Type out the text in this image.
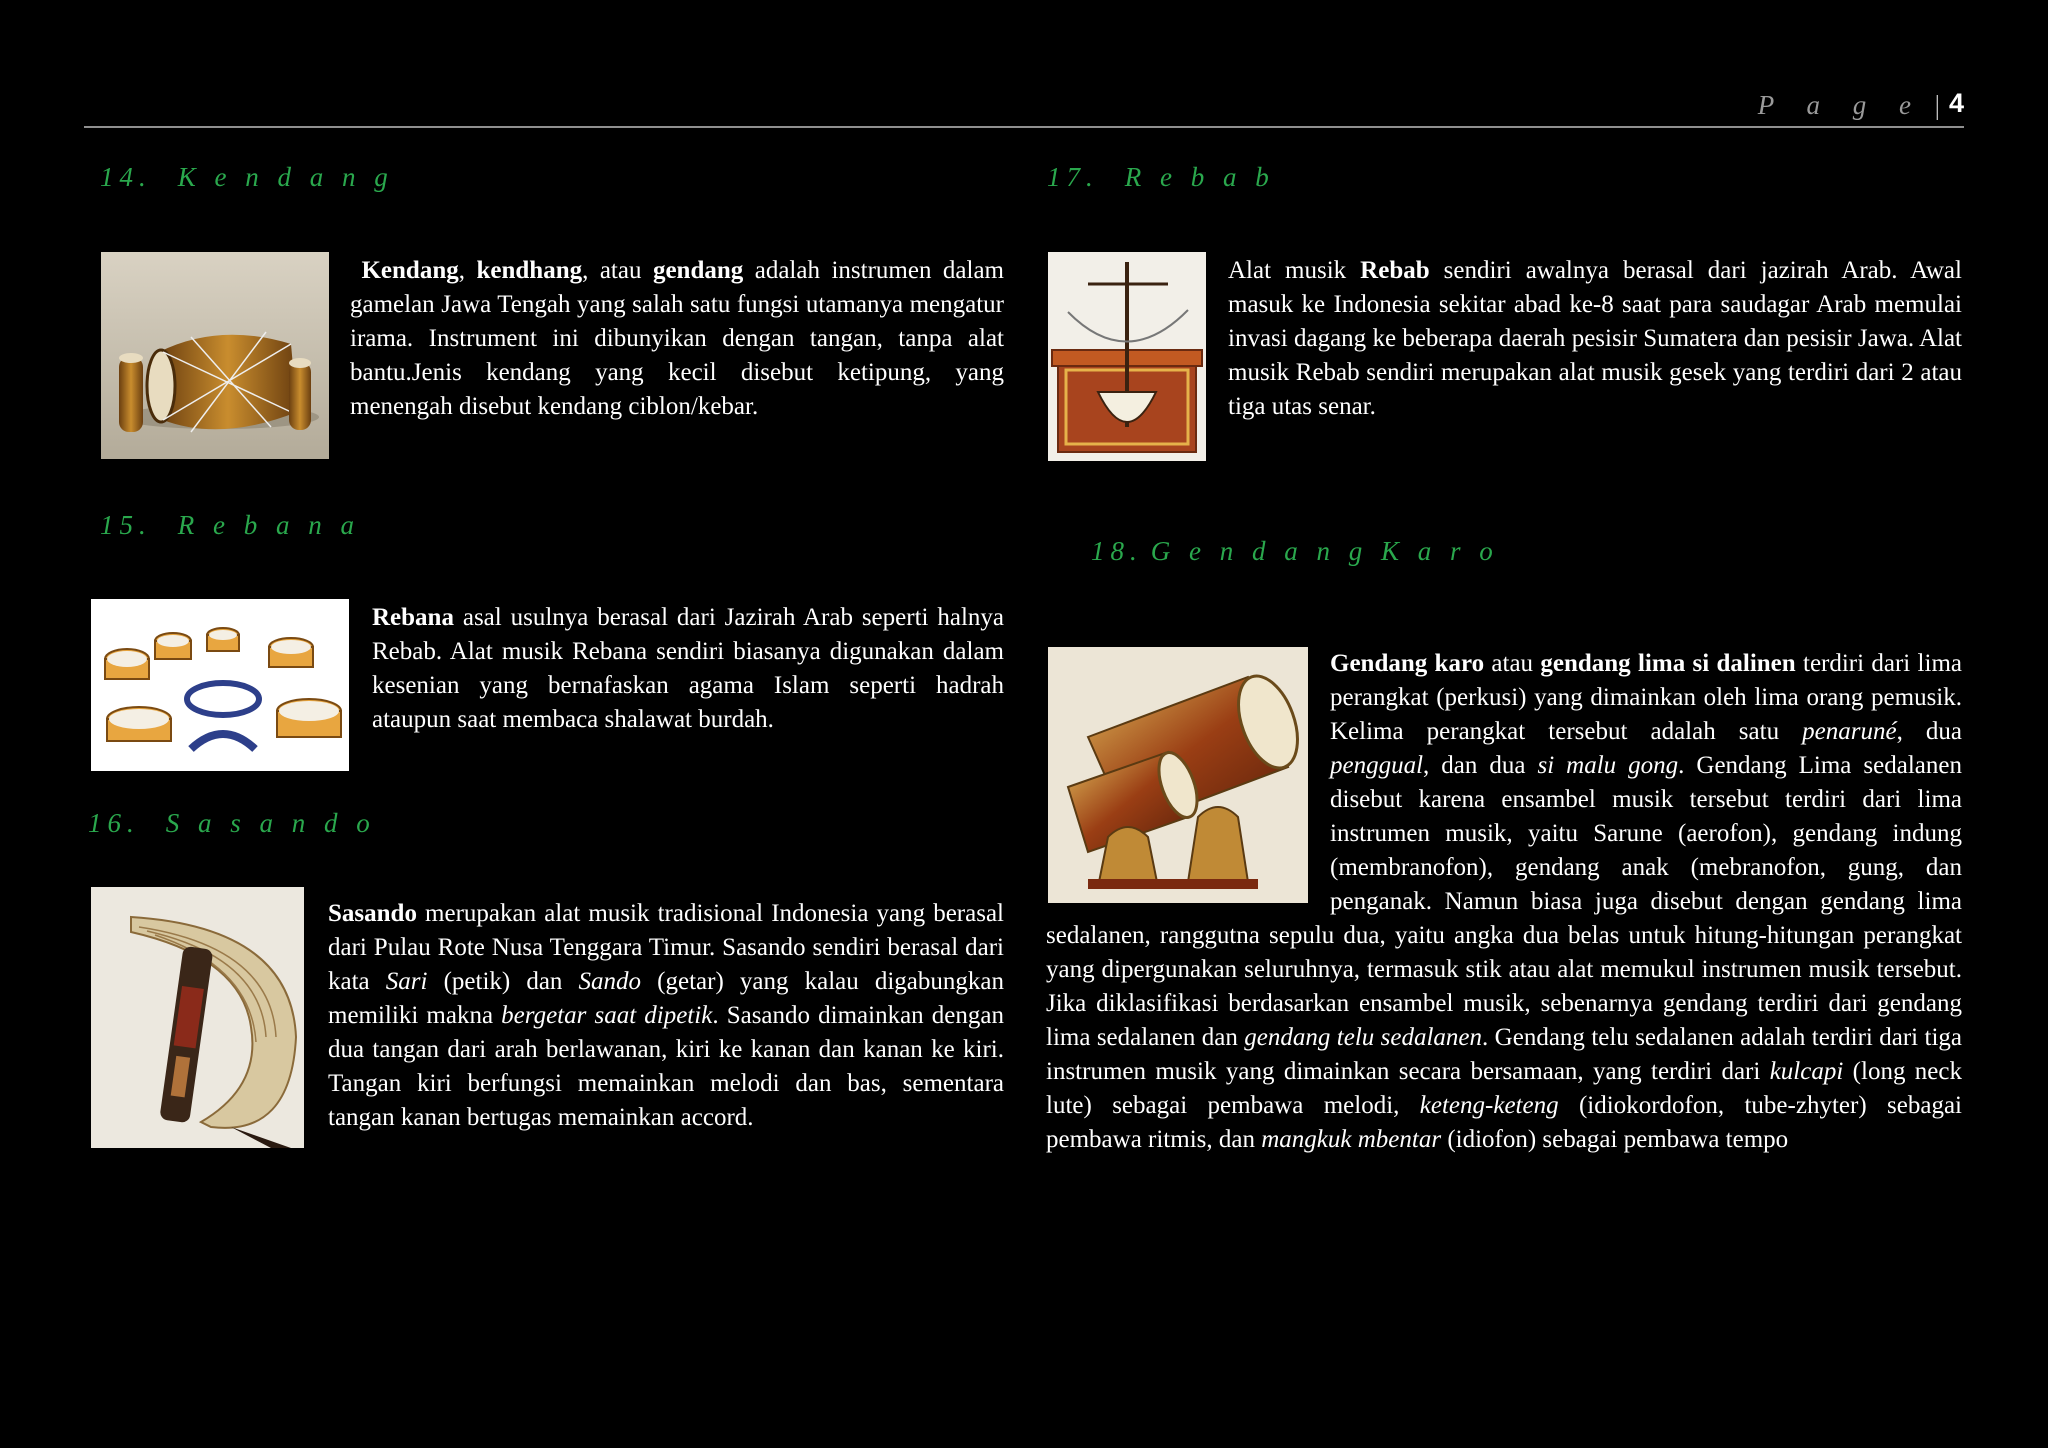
P a g e | 4
14. K e n d a n g
Kendang, kendhang, atau gendang adalah instrumen dalam gamelan Jawa Tengah yang salah satu fungsi utamanya mengatur irama. Instrument ini dibunyikan dengan tangan, tanpa alat bantu.Jenis kendang yang kecil disebut ketipung, yang menengah disebut kendang ciblon/kebar.
15. R e b a n a
Rebana asal usulnya berasal dari Jazirah Arab seperti halnya Rebab. Alat musik Rebana sendiri biasanya digunakan dalam kesenian yang bernafaskan agama Islam seperti hadrah ataupun saat membaca shalawat burdah.
16. S a s a n d o
Sasando merupakan alat musik tradisional Indonesia yang berasal dari Pulau Rote Nusa Tenggara Timur. Sasando sendiri berasal dari kata Sari (petik) dan Sando (getar) yang kalau digabungkan memiliki makna bergetar saat dipetik. Sasando dimainkan dengan dua tangan dari arah berlawanan, kiri ke kanan dan kanan ke kiri. Tangan kiri berfungsi memainkan melodi dan bas, sementara tangan kanan bertugas memainkan accord.
17. R e b a b
Alat musik Rebab sendiri awalnya berasal dari jazirah Arab. Awal masuk ke Indonesia sekitar abad ke-8 saat para saudagar Arab memulai invasi dagang ke beberapa daerah pesisir Sumatera dan pesisir Jawa. Alat musik Rebab sendiri merupakan alat musik gesek yang terdiri dari 2 atau tiga utas senar.
18. G e n d a n g K a r o
Gendang karo atau gendang lima si dalinen terdiri dari lima perangkat (perkusi) yang dimainkan oleh lima orang pemusik. Kelima perangkat tersebut adalah satu penaruné, dua penggual, dan dua si malu gong. Gendang Lima sedalanen disebut karena ensambel musik tersebut terdiri dari lima instrumen musik, yaitu Sarune (aerofon), gendang indung (membranofon), gendang anak (mebranofon, gung, dan penganak. Namun biasa juga disebut dengan gendang lima sedalanen, ranggutna sepulu dua, yaitu angka dua belas untuk hitung-hitungan perangkat yang dipergunakan seluruhnya, termasuk stik atau alat memukul instrumen musik tersebut. Jika diklasifikasi berdasarkan ensambel musik, sebenarnya gendang terdiri dari gendang lima sedalanen dan gendang telu sedalanen. Gendang telu sedalanen adalah terdiri dari tiga instrumen musik yang dimainkan secara bersamaan, yang terdiri dari kulcapi (long neck lute) sebagai pembawa melodi, keteng-keteng (idiokordofon, tube-zhyter) sebagai pembawa ritmis, dan mangkuk mbentar (idiofon) sebagai pembawa tempo
